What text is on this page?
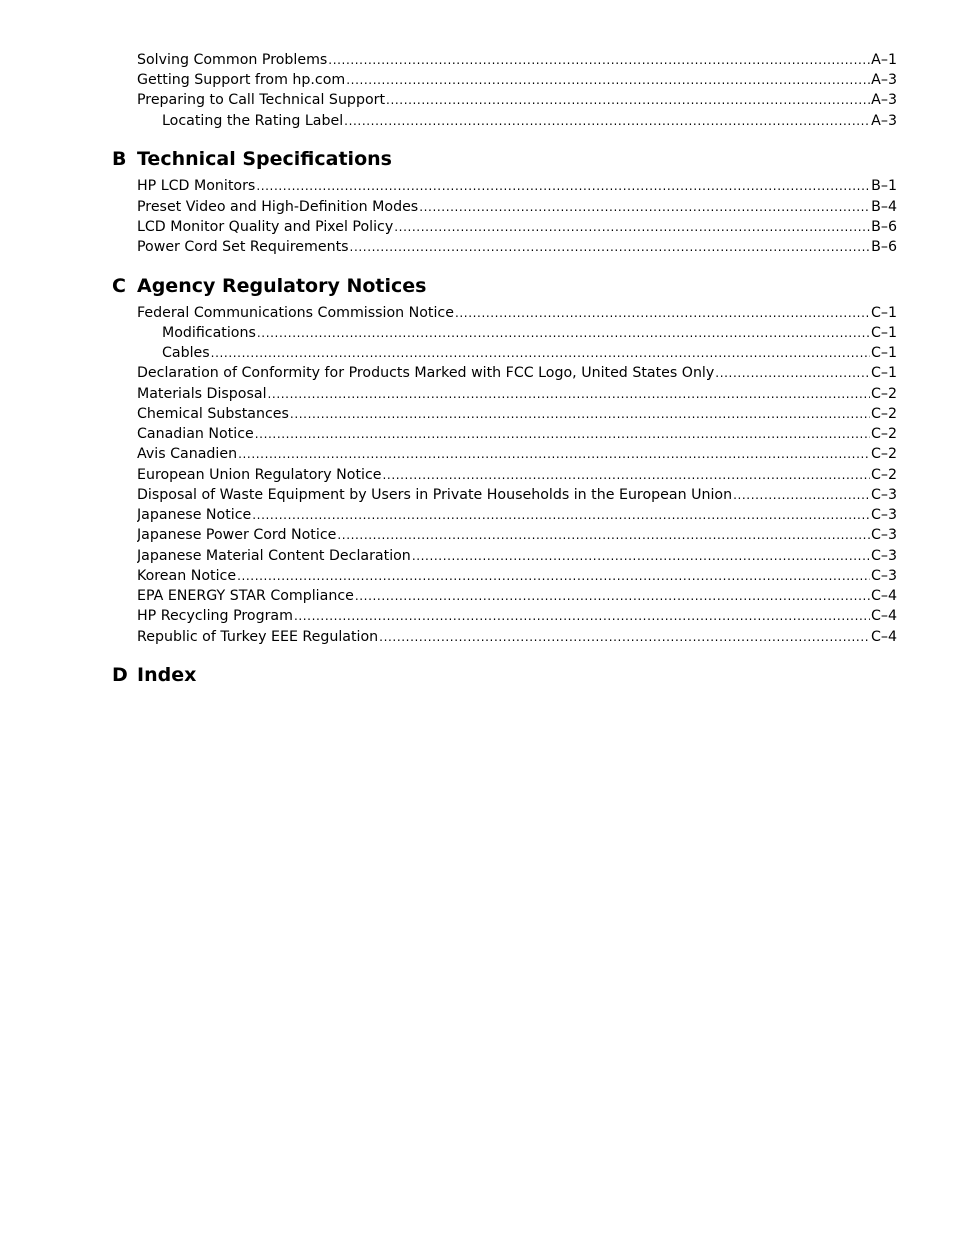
Solving Common Problems .....	A–1
Getting Support from hp.com .....	A–3
Preparing to Call Technical Support .....	A–3
Locating the Rating Label .....	A–3
B Technical Specifications
HP LCD Monitors .....	B–1
Preset Video and High-Definition Modes .....	B–4
LCD Monitor Quality and Pixel Policy .....	B–6
Power Cord Set Requirements .....	B–6
C Agency Regulatory Notices
Federal Communications Commission Notice .....	C–1
Modifications .....	C–1
Cables .....	C–1
Declaration of Conformity for Products Marked with FCC Logo, United States Only .....	C–1
Materials Disposal .....	C–2
Chemical Substances .....	C–2
Canadian Notice .....	C–2
Avis Canadien .....	C–2
European Union Regulatory Notice .....	C–2
Disposal of Waste Equipment by Users in Private Households in the European Union .....	C–3
Japanese Notice .....	C–3
Japanese Power Cord Notice .....	C–3
Japanese Material Content Declaration .....	C–3
Korean Notice .....	C–3
EPA ENERGY STAR Compliance .....	C–4
HP Recycling Program .....	C–4
Republic of Turkey EEE Regulation .....	C–4
D Index
